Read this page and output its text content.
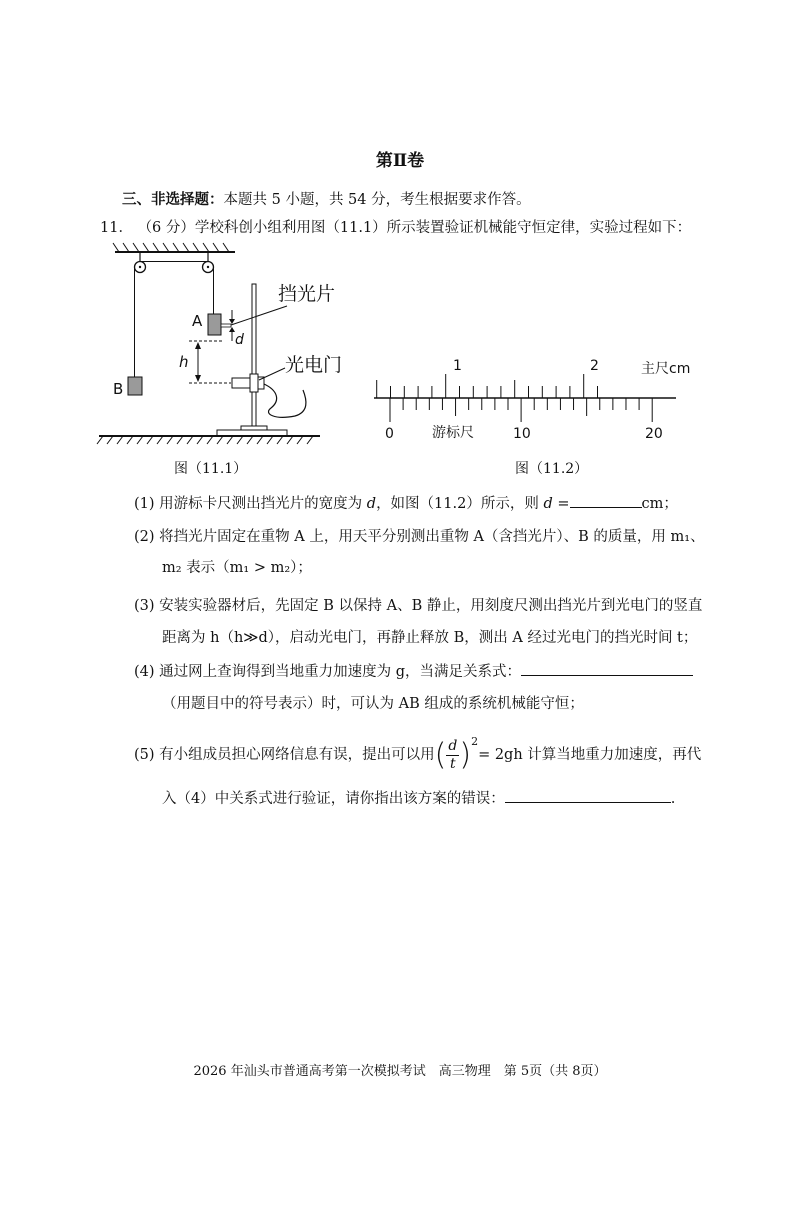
第Ⅱ卷
三、非选择题：本题共 5 小题，共 54 分，考生根据要求作答。
11． （6 分）学校科创小组利用图（11.1）所示装置验证机械能守恒定律，实验过程如下：
B
A
d
h
挡光片
光电门
图（11.1）
1	2	主尺cm
0	10	20
游标尺
图（11.2）
(1) 用游标卡尺测出挡光片的宽度为 d，如图（11.2）所示，则 d =	cm；
(2) 将挡光片固定在重物 A 上，用天平分别测出重物 A（含挡光片）、B 的质量，用 m₁、
m₂ 表示（m₁ > m₂）；
(3) 安装实验器材后，先固定 B 以保持 A、B 静止，用刻度尺测出挡光片到光电门的竖直
距离为 h（h≫d），启动光电门，再静止释放 B，测出 A 经过光电门的挡光时间 t；
(4) 通过网上查询得到当地重力加速度为 g，当满足关系式：
（用题目中的符号表示）时，可认为 AB 组成的系统机械能守恒；
(5) 有小组成员担心网络信息有误，提出可以用( $\frac{d}{t} )^2= 2gh$ 计算当地重力加速度，再代
入（4）中关系式进行验证，请你指出该方案的错误：	.
2026 年汕头市普通高考第一次模拟考试　高三物理　第 5页（共 8页）
